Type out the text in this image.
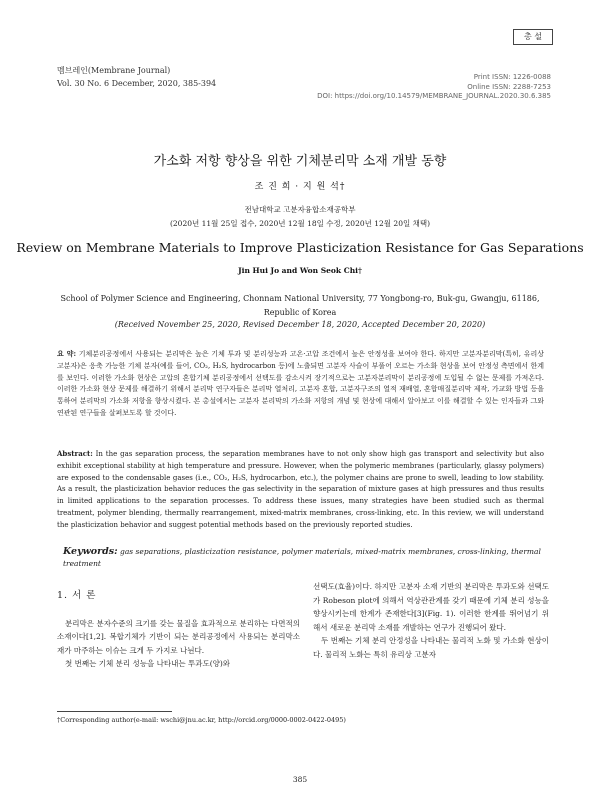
멤브레인(Membrane Journal)
Vol. 30 No. 6 December, 2020, 385-394
총 설
Print ISSN: 1226-0088
Online ISSN: 2288-7253
DOI: https://doi.org/10.14579/MEMBRANE_JOURNAL.2020.30.6.385
가소화 저항 향상을 위한 기체분리막 소재 개발 동향
조 진 희 · 지 원 석†
전남대학교 고분자융합소재공학부
(2020년 11월 25일 접수, 2020년 12월 18일 수정, 2020년 12월 20일 채택)
Review on Membrane Materials to Improve Plasticization Resistance for Gas Separations
Jin Hui Jo and Won Seok Chi†
School of Polymer Science and Engineering, Chonnam National University, 77 Yongbong-ro, Buk-gu, Gwangju, 61186,
Republic of Korea
(Received November 25, 2020, Revised December 18, 2020, Accepted December 20, 2020)
요 약: 기체분리공정에서 사용되는 분리막은 높은 기체 투과 및 분리성능과 고온·고압 조건에서 높은 안정성을 보여야 한다. 하지만 고분자분리막(특히, 유리상 고분자)은 응축 가능한 기체 분자(예를 들어, CO₂, H₂S, hydrocarbon 등)에 노출되면 고분자 사슬이 부풀어 오르는 가소화 현상을 보여 안정성 측면에서 한계를 보인다. 이러한 가소화 현상은 고압의 혼합기체 분리공정에서 선택도를 감소시켜 장기적으로는 고분자분리막이 분리공정에 도입될 수 없는 문제를 가져온다. 이러한 가소화 현상 문제를 해결하기 위해서 분리막 연구자들은 분리막 열처리, 고분자 혼합, 고분자구조의 열적 재배열, 혼합매질분리막 제작, 가교화 방법 등을 통하여 분리막의 가소화 저항을 향상시켰다. 본 총설에서는 고분자 분리막의 가소화 저항의 개념 및 현상에 대해서 알아보고 이를 해결할 수 있는 인자들과 그와 연관된 연구들을 살펴보도록 할 것이다.
Abstract: In the gas separation process, the separation membranes have to not only show high gas transport and selectivity but also exhibit exceptional stability at high temperature and pressure. However, when the polymeric membranes (particularly, glassy polymers) are exposed to the condensable gases (i.e., CO₂, H₂S, hydrocarbon, etc.), the polymer chains are prone to swell, leading to low stability. As a result, the plasticization behavior reduces the gas selectivity in the separation of mixture gases at high pressures and thus results in limited applications to the separation processes. To address these issues, many strategies have been studied such as thermal treatment, polymer blending, thermally rearrangement, mixed-matrix membranes, cross-linking, etc. In this review, we will understand the plasticization behavior and suggest potential methods based on the previously reported studies.
Keywords: gas separations, plasticization resistance, polymer materials, mixed-matrix membranes, cross-linking, thermal treatment
1. 서 론

분리막은 분자수준의 크기를 갖는 물질을 효과적으로 분리하는 다면적의 소재이다[1,2]. 복합기체가 기반이 되는 분리공정에서 사용되는 분리막소재가 마주하는 이슈는 크게 두 가지로 나뉜다.

첫 번째는 기체 분리 성능을 나타내는 투과도(양)와

선택도(효율)이다. 하지만 고분자 소재 기반의 분리막은 투과도와 선택도가 Robeson plot에 의해서 역상관관계를 갖기 때문에 기체 분리 성능을 향상시키는데 한계가 존재한다[3](Fig. 1). 이러한 한계를 뛰어넘기 위해서 새로운 분리막 소재를 개발하는 연구가 진행되어 왔다.

두 번째는 기체 분리 안정성을 나타내는 물리적 노화 및 가소화 현상이다. 물리적 노화는 특히 유리상 고분자

†Corresponding author(e-mail: wschi@jnu.ac.kr, http://orcid.org/0000-0002-0422-0495)
385
